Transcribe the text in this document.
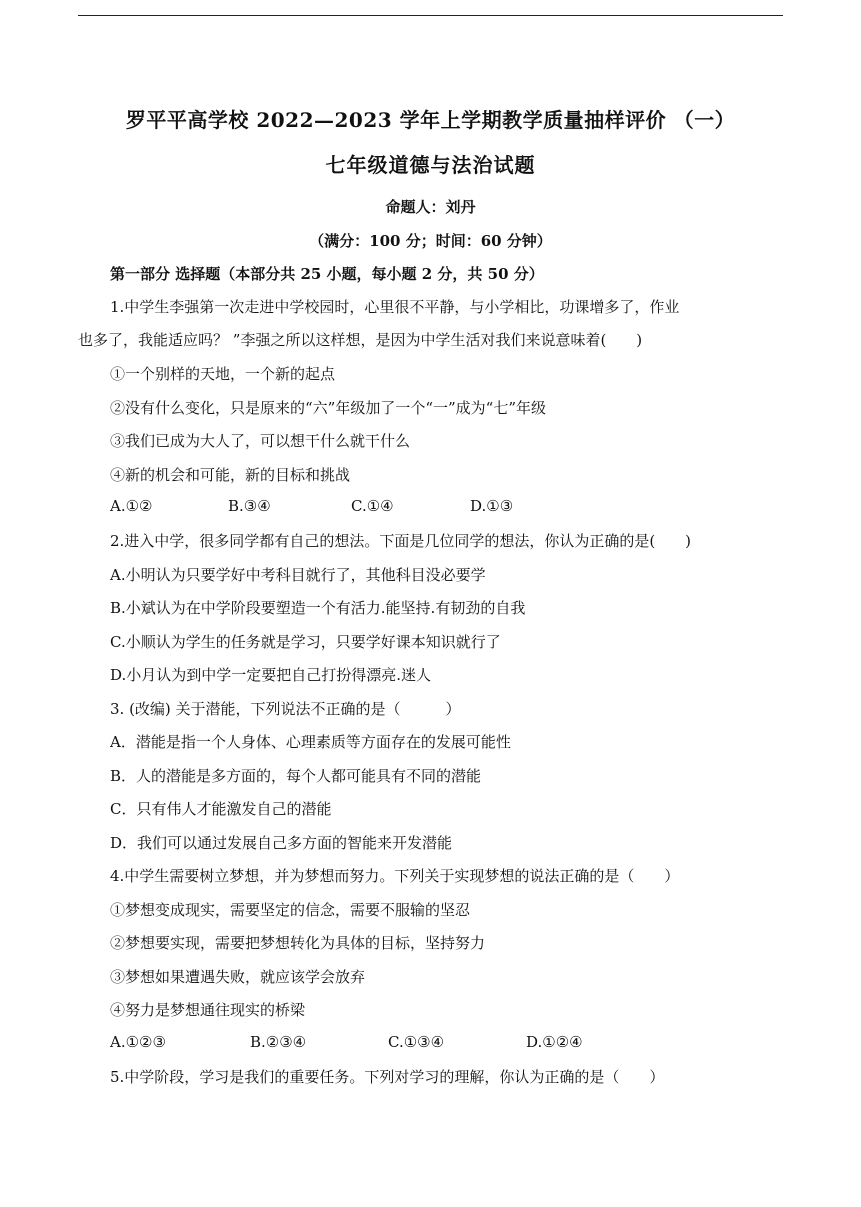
罗平平高学校 2022—2023 学年上学期教学质量抽样评价 （一）
七年级道德与法治试题
命题人：刘丹
（满分：100 分；时间：60 分钟）
第一部分 选择题（本部分共 25 小题，每小题 2 分，共 50 分）
1.中学生李强第一次走进中学校园时，心里很不平静，与小学相比，功课增多了，作业
也多了，我能适应吗？ ”李强之所以这样想，是因为中学生活对我们来说意味着(　　)
①一个别样的天地，一个新的起点
②没有什么变化，只是原来的“六”年级加了一个“一”成为“七”年级
③我们已成为大人了，可以想干什么就干什么
④新的机会和可能，新的目标和挑战
A.①②	B.③④	C.①④	D.①③
2.进入中学，很多同学都有自己的想法。下面是几位同学的想法，你认为正确的是(　　)
A.小明认为只要学好中考科目就行了，其他科目没必要学
B.小斌认为在中学阶段要塑造一个有活力.能坚持.有韧劲的自我
C.小顺认为学生的任务就是学习，只要学好课本知识就行了
D.小月认为到中学一定要把自己打扮得漂亮.迷人
3. (改编) 关于潜能，下列说法不正确的是（　　　）
A．潜能是指一个人身体、心理素质等方面存在的发展可能性
B．人的潜能是多方面的，每个人都可能具有不同的潜能
C．只有伟人才能激发自己的潜能
D．我们可以通过发展自己多方面的智能来开发潜能
4.中学生需要树立梦想，并为梦想而努力。下列关于实现梦想的说法正确的是（　　）
①梦想变成现实，需要坚定的信念，需要不服输的坚忍
②梦想要实现，需要把梦想转化为具体的目标，坚持努力
③梦想如果遭遇失败，就应该学会放弃
④努力是梦想通往现实的桥梁
A.①②③	B.②③④	C.①③④	D.①②④
5.中学阶段，学习是我们的重要任务。下列对学习的理解，你认为正确的是（　　）
